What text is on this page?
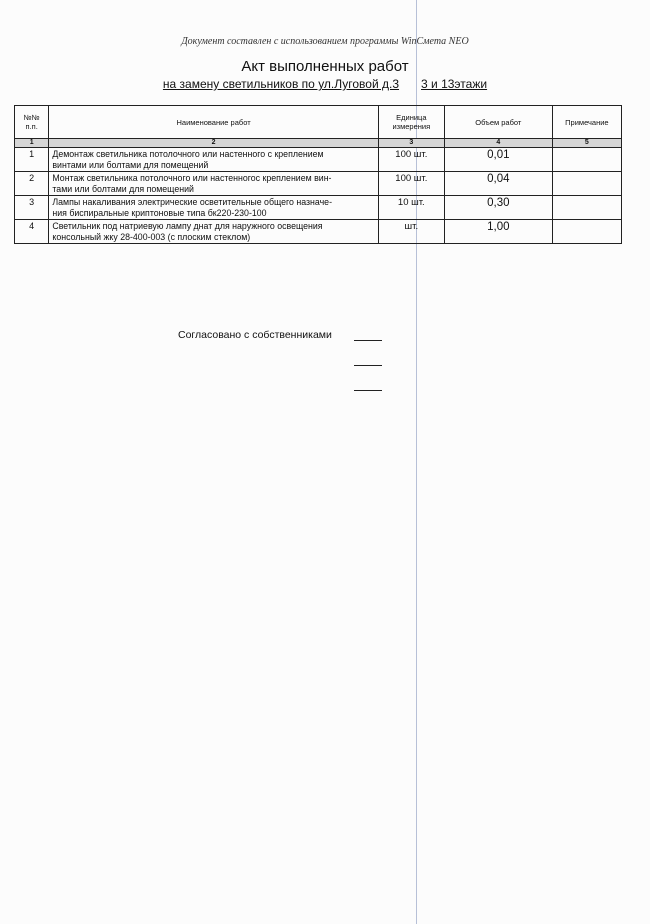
Документ составлен с использованием программы WinСмета NEO
Акт выполненных работ
на замену светильников по ул.Луговой д.3 3 и 13этажи
№№ п.п.	Наименование работ	Единица измерения	Объем работ	Примечание
1	2	3	4	5
1	Демонтаж светильника потолочного или настенного с креплением
винтами или болтами для помещений	100 шт.	0,01	
2	Монтаж светильника потолочного или настенногос креплением вин-
тами или болтами для помещений	100 шт.	0,04	
3	Лампы накаливания электрические осветительные общего назначе-
ния биспиральные криптоновые типа бк220-230-100	10 шт.	0,30	
4	Светильник под натриевую лампу днат для наружного освещения
консольный жку 28-400-003 (с плоским стеклом)	шт.	1,00	
Согласовано с собственниками
